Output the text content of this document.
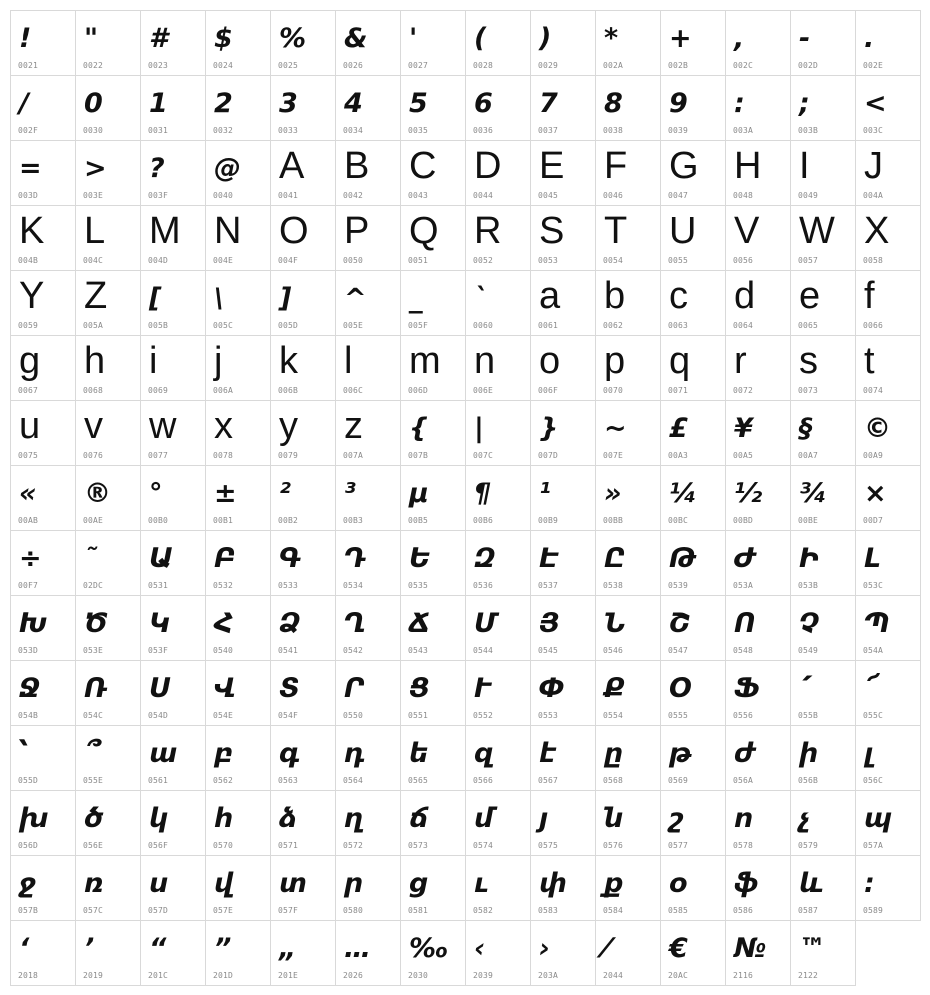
!
0021
"
0022
#
0023
$
0024
%
0025
&
0026
'
0027
(
0028
)
0029
*
002A
+
002B
,
002C
-
002D
.
002E
/
002F
0
0030
1
0031
2
0032
3
0033
4
0034
5
0035
6
0036
7
0037
8
0038
9
0039
:
003A
;
003B
<
003C
=
003D
>
003E
?
003F
@
0040
A
0041
B
0042
C
0043
D
0044
E
0045
F
0046
G
0047
H
0048
I
0049
J
004A
K
004B
L
004C
M
004D
N
004E
O
004F
P
0050
Q
0051
R
0052
S
0053
T
0054
U
0055
V
0056
W
0057
X
0058
Y
0059
Z
005A
[
005B
\
005C
]
005D
^
005E
_
005F
`
0060
a
0061
b
0062
c
0063
d
0064
e
0065
f
0066
g
0067
h
0068
i
0069
j
006A
k
006B
l
006C
m
006D
n
006E
o
006F
p
0070
q
0071
r
0072
s
0073
t
0074
u
0075
v
0076
w
0077
x
0078
y
0079
z
007A
{
007B
|
007C
}
007D
~
007E
£
00A3
¥
00A5
§
00A7
©
00A9
«
00AB
®
00AE
°
00B0
±
00B1
²
00B2
³
00B3
µ
00B5
¶
00B6
¹
00B9
»
00BB
¼
00BC
½
00BD
¾
00BE
×
00D7
÷
00F7
˜
02DC
Ա
0531
Բ
0532
Գ
0533
Դ
0534
Ե
0535
Զ
0536
Է
0537
Ը
0538
Թ
0539
Ժ
053A
Ի
053B
Լ
053C
Խ
053D
Ծ
053E
Կ
053F
Հ
0540
Ձ
0541
Ղ
0542
Ճ
0543
Մ
0544
Յ
0545
Ն
0546
Շ
0547
Ո
0548
Չ
0549
Պ
054A
Ջ
054B
Ռ
054C
Ս
054D
Վ
054E
Տ
054F
Ր
0550
Ց
0551
Ւ
0552
Փ
0553
Ք
0554
Օ
0555
Ֆ
0556
՛
055B
՜
055C
՝
055D
՞
055E
ա
0561
բ
0562
գ
0563
դ
0564
ե
0565
զ
0566
է
0567
ը
0568
թ
0569
ժ
056A
ի
056B
լ
056C
խ
056D
ծ
056E
կ
056F
հ
0570
ձ
0571
ղ
0572
ճ
0573
մ
0574
յ
0575
ն
0576
շ
0577
ո
0578
չ
0579
պ
057A
ջ
057B
ռ
057C
ս
057D
վ
057E
տ
057F
ր
0580
ց
0581
ւ
0582
փ
0583
ք
0584
օ
0585
ֆ
0586
և
0587
։
0589
‘
2018
’
2019
“
201C
”
201D
„
201E
…
2026
‰
2030
‹
2039
›
203A
⁄
2044
€
20AC
№
2116
™
2122
